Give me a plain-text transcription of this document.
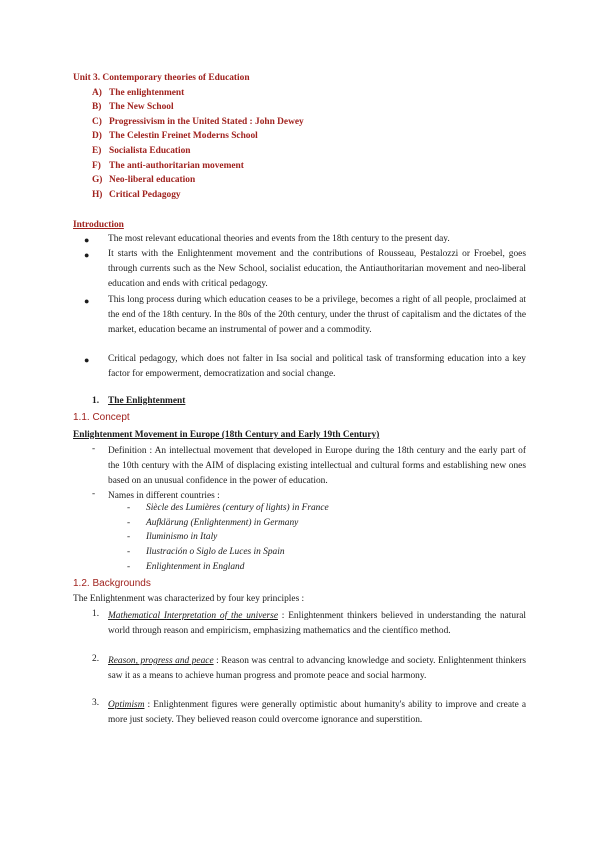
Unit 3. Contemporary theories of Education
A) The enlightenment
B) The New School
C) Progressivism in the United Stated : John Dewey
D) The Celestin Freinet Moderns School
E) Socialista Education
F) The anti-authoritarian movement
G) Neo-liberal education
H) Critical Pedagogy
Introduction
●	The most relevant educational theories and events from the 18th century to the present day.
●	It starts with the Enlightenment movement and the contributions of Rousseau, Pestalozzi or Froebel, goes through currents such as the New School, socialist education, the Antiauthoritarian movement and neo-liberal education and ends with critical pedagogy.
●	This long process during which education ceases to be a privilege, becomes a right of all people, proclaimed at the end of the 18th century. In the 80s of the 20th century, under the thrust of capitalism and the dictates of the market, education became an instrumental of power and a commodity.
●	Critical pedagogy, which does not falter in Isa social and political task of transforming education into a key factor for empowerment, democratization and social change.
1. The Enlightenment
1.1. Concept
Enlightenment Movement in Europe (18th Century and Early 19th Century)
- Definition : An intellectual movement that developed in Europe during the 18th century and the early part of the 10th century with the AIM of displacing existing intellectual and cultural forms and establishing new ones based on an unusual confidence in the power of education.
- Names in different countries :
- Siècle des Lumières (century of lights) in France
- Aufklärung (Enlightenment) in Germany
- Iluminismo in Italy
- Ilustración o Siglo de Luces in Spain
- Enlightenment in England
1.2. Backgrounds
The Enlightenment was characterized by four key principles :
1. Mathematical Interpretation of the universe : Enlightenment thinkers believed in understanding the natural world through reason and empiricism, emphasizing mathematics and the científico method.
2. Reason, progress and peace : Reason was central to advancing knowledge and society. Enlightenment thinkers saw it as a means to achieve human progress and promote peace and social harmony.
3. Optimism : Enlightenment figures were generally optimistic about humanity's ability to improve and create a more just society. They believed reason could overcome ignorance and superstition.
